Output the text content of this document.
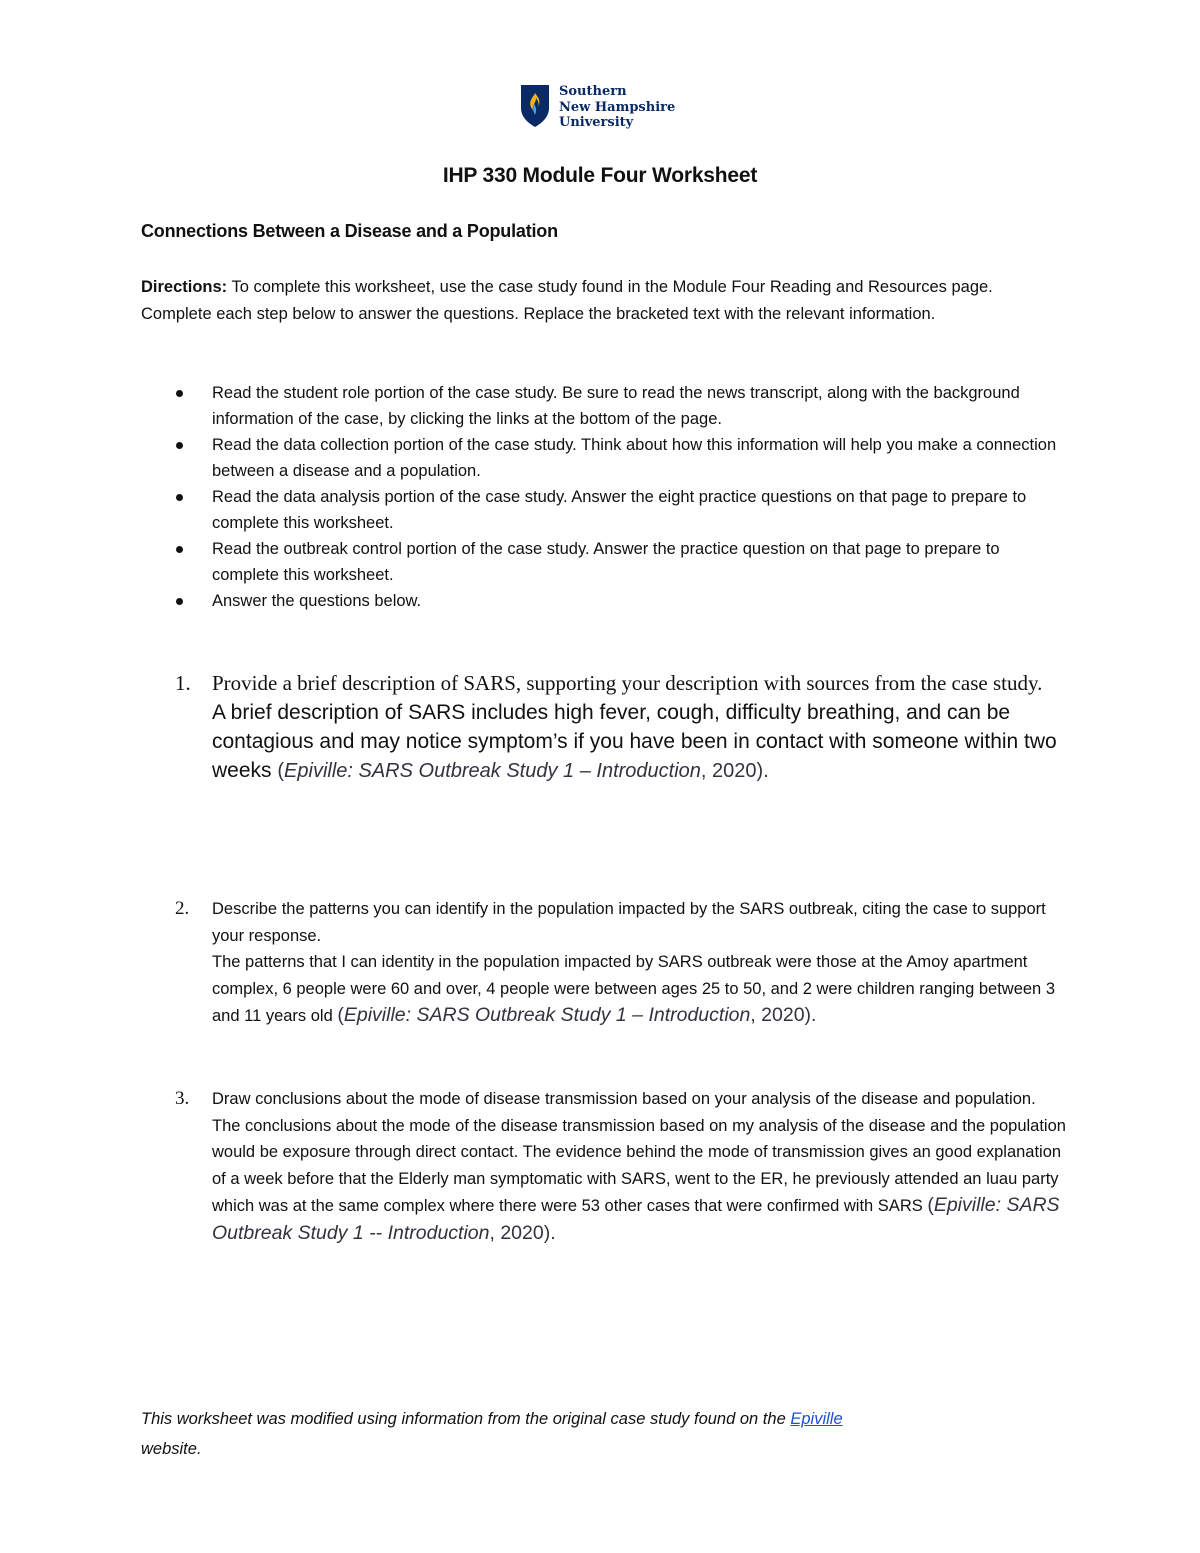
Southern
New Hampshire
University
IHP 330 Module Four Worksheet
Connections Between a Disease and a Population
Directions: To complete this worksheet, use the case study found in the Module Four Reading and Resources page. Complete each step below to answer the questions. Replace the bracketed text with the relevant information.
Read the student role portion of the case study. Be sure to read the news transcript, along with the background information of the case, by clicking the links at the bottom of the page.
Read the data collection portion of the case study. Think about how this information will help you make a connection between a disease and a population.
Read the data analysis portion of the case study. Answer the eight practice questions on that page to prepare to complete this worksheet.
Read the outbreak control portion of the case study. Answer the practice question on that page to prepare to complete this worksheet.
Answer the questions below.
1. Provide a brief description of SARS, supporting your description with sources from the case study.
A brief description of SARS includes high fever, cough, difficulty breathing, and can be contagious and may notice symptom’s if you have been in contact with someone within two weeks (Epiville: SARS Outbreak Study 1 – Introduction, 2020).
2. Describe the patterns you can identify in the population impacted by the SARS outbreak, citing the case to support your response.
The patterns that I can identity in the population impacted by SARS outbreak were those at the Amoy apartment complex, 6 people were 60 and over, 4 people were between ages 25 to 50, and 2 were children ranging between 3 and 11 years old (Epiville: SARS Outbreak Study 1 – Introduction, 2020).
3. Draw conclusions about the mode of disease transmission based on your analysis of the disease and population.
The conclusions about the mode of the disease transmission based on my analysis of the disease and the population would be exposure through direct contact. The evidence behind the mode of transmission gives an good explanation of a week before that the Elderly man symptomatic with SARS, went to the ER, he previously attended an luau party which was at the same complex where there were 53 other cases that were confirmed with SARS (Epiville: SARS Outbreak Study 1 -- Introduction, 2020).
This worksheet was modified using information from the original case study found on the Epiville
website.
